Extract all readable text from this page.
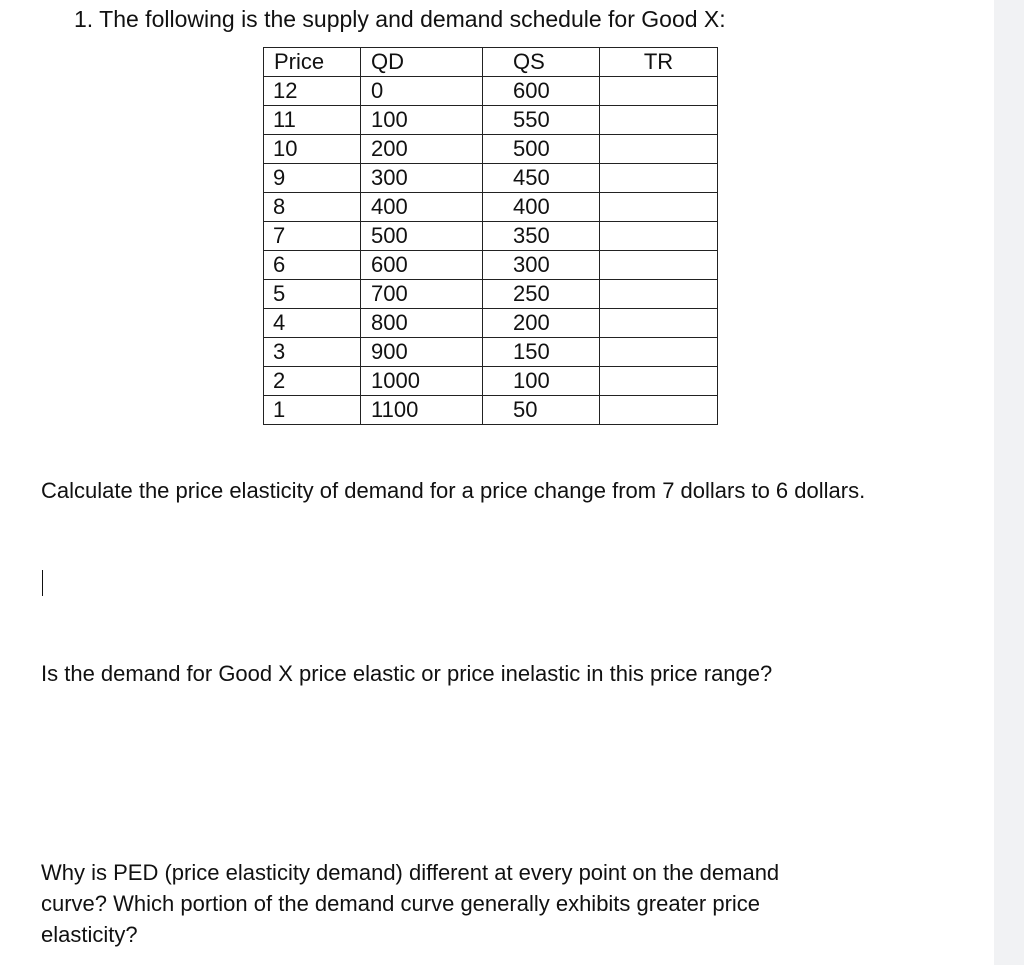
1. The following is the supply and demand schedule for Good X:
Price	QD	QS	TR
12	0	600	
11	100	550	
10	200	500	
9	300	450	
8	400	400	
7	500	350	
6	600	300	
5	700	250	
4	800	200	
3	900	150	
2	1000	100	
1	1100	50	
Calculate the price elasticity of demand for a price change from 7 dollars to 6 dollars.
Is the demand for Good X price elastic or price inelastic in this price range?
Why is PED (price elasticity demand) different at every point on the demand curve? Which portion of the demand curve generally exhibits greater price elasticity?
